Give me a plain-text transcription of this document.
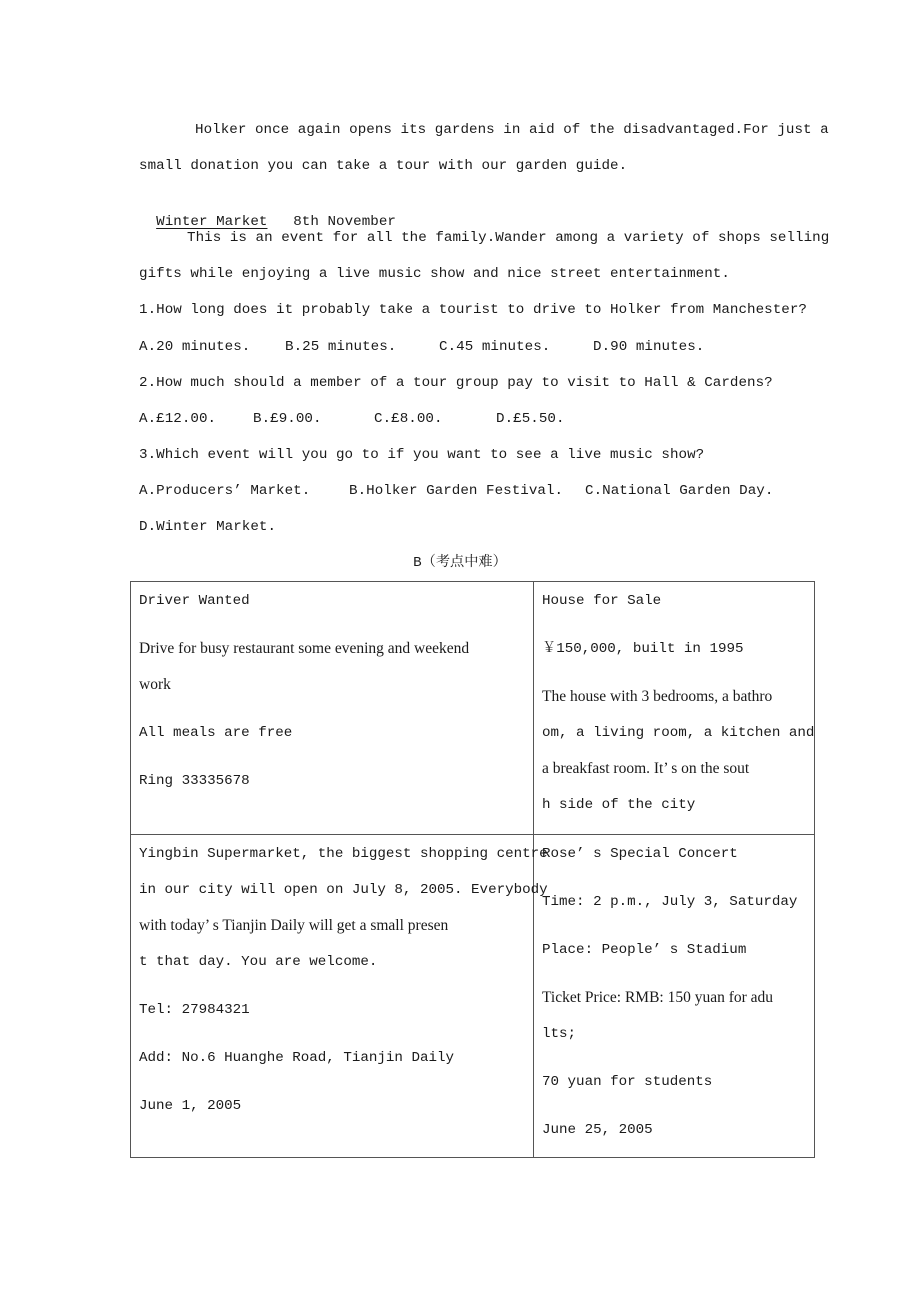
Holker once again opens its gardens in aid of the disadvantaged.For just a
small donation you can take a tour with our garden guide.

Winter Market 8th November

This is an event for all the family.Wander among a variety of shops selling
gifts while enjoying a live music show and nice street entertainment.
1.How long does it probably take a tourist to drive to Holker from Manchester?
A.20 minutes. B.25 minutes.	C.45 minutes.	D.90 minutes.
2.How much should a member of a tour group pay to visit to Hall & Cardens?
A.£12.00.	B.£9.00.	C.£8.00.	D.£5.50.
3.Which event will you go to if you want to see a live music show?
A.Producers’ Market.	B.Holker Garden Festival. C.National Garden Day.
D.Winter Market.
B（考点中难）
Driver Wanted
Drive for busy restaurant some evening and weekend
work
All meals are free
Ring 33335678
House for Sale
￥150,000, built in 1995
The house with 3 bedrooms, a bathro
om, a living room, a kitchen and
a breakfast room. It’ s on the sout
h side of the city
Yingbin Supermarket, the biggest shopping centre
in our city will open on July 8, 2005. Everybody
with today’ s Tianjin Daily will get a small presen
t that day. You are welcome.
Tel: 27984321
Add: No.6 Huanghe Road, Tianjin Daily
June 1, 2005
Rose’ s Special Concert
Time: 2 p.m., July 3, Saturday
Place: People’ s Stadium
Ticket Price: RMB: 150 yuan for adu
lts;
70 yuan for students
June 25, 2005
